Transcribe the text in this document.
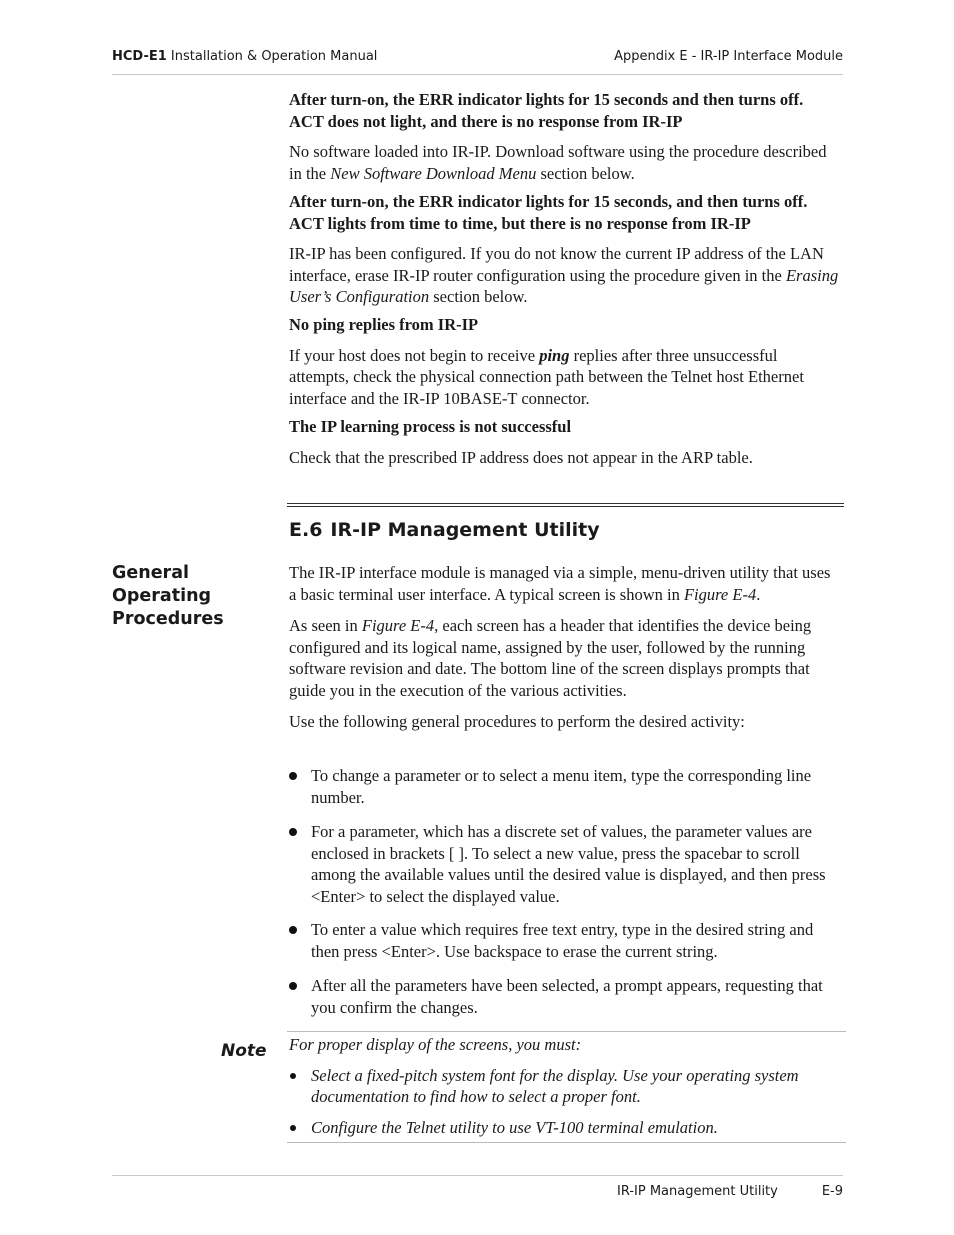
HCD-E1 Installation & Operation Manual	Appendix E - IR-IP Interface Module

After turn-on, the ERR indicator lights for 15 seconds and then turns off. ACT does not light, and there is no response from IR-IP

No software loaded into IR-IP. Download software using the procedure described in the New Software Download Menu section below.

After turn-on, the ERR indicator lights for 15 seconds, and then turns off. ACT lights from time to time, but there is no response from IR-IP

IR-IP has been configured. If you do not know the current IP address of the LAN interface, erase IR-IP router configuration using the procedure given in the Erasing User’s Configuration section below.

No ping replies from IR-IP

If your host does not begin to receive ping replies after three unsuccessful attempts, check the physical connection path between the Telnet host Ethernet interface and the IR-IP 10BASE-T connector.

The IP learning process is not successful

Check that the prescribed IP address does not appear in the ARP table.

E.6 IR-IP Management Utility
General
Operating
Procedures

The IR-IP interface module is managed via a simple, menu-driven utility that uses a basic terminal user interface. A typical screen is shown in Figure E-4.

As seen in Figure E-4, each screen has a header that identifies the device being configured and its logical name, assigned by the user, followed by the running software revision and date. The bottom line of the screen displays prompts that guide you in the execution of the various activities.

Use the following general procedures to perform the desired activity:

To change a parameter or to select a menu item, type the corresponding line number.
For a parameter, which has a discrete set of values, the parameter values are enclosed in brackets [ ]. To select a new value, press the spacebar to scroll among the available values until the desired value is displayed, and then press <Enter> to select the displayed value.
To enter a value which requires free text entry, type in the desired string and then press <Enter>. Use backspace to erase the current string.
After all the parameters have been selected, a prompt appears, requesting that you confirm the changes.
Note For proper display of the screens, you must:

Select a fixed-pitch system font for the display. Use your operating system documentation to find how to select a proper font.
Configure the Telnet utility to use VT-100 terminal emulation.
IR-IP Management Utility	E-9
